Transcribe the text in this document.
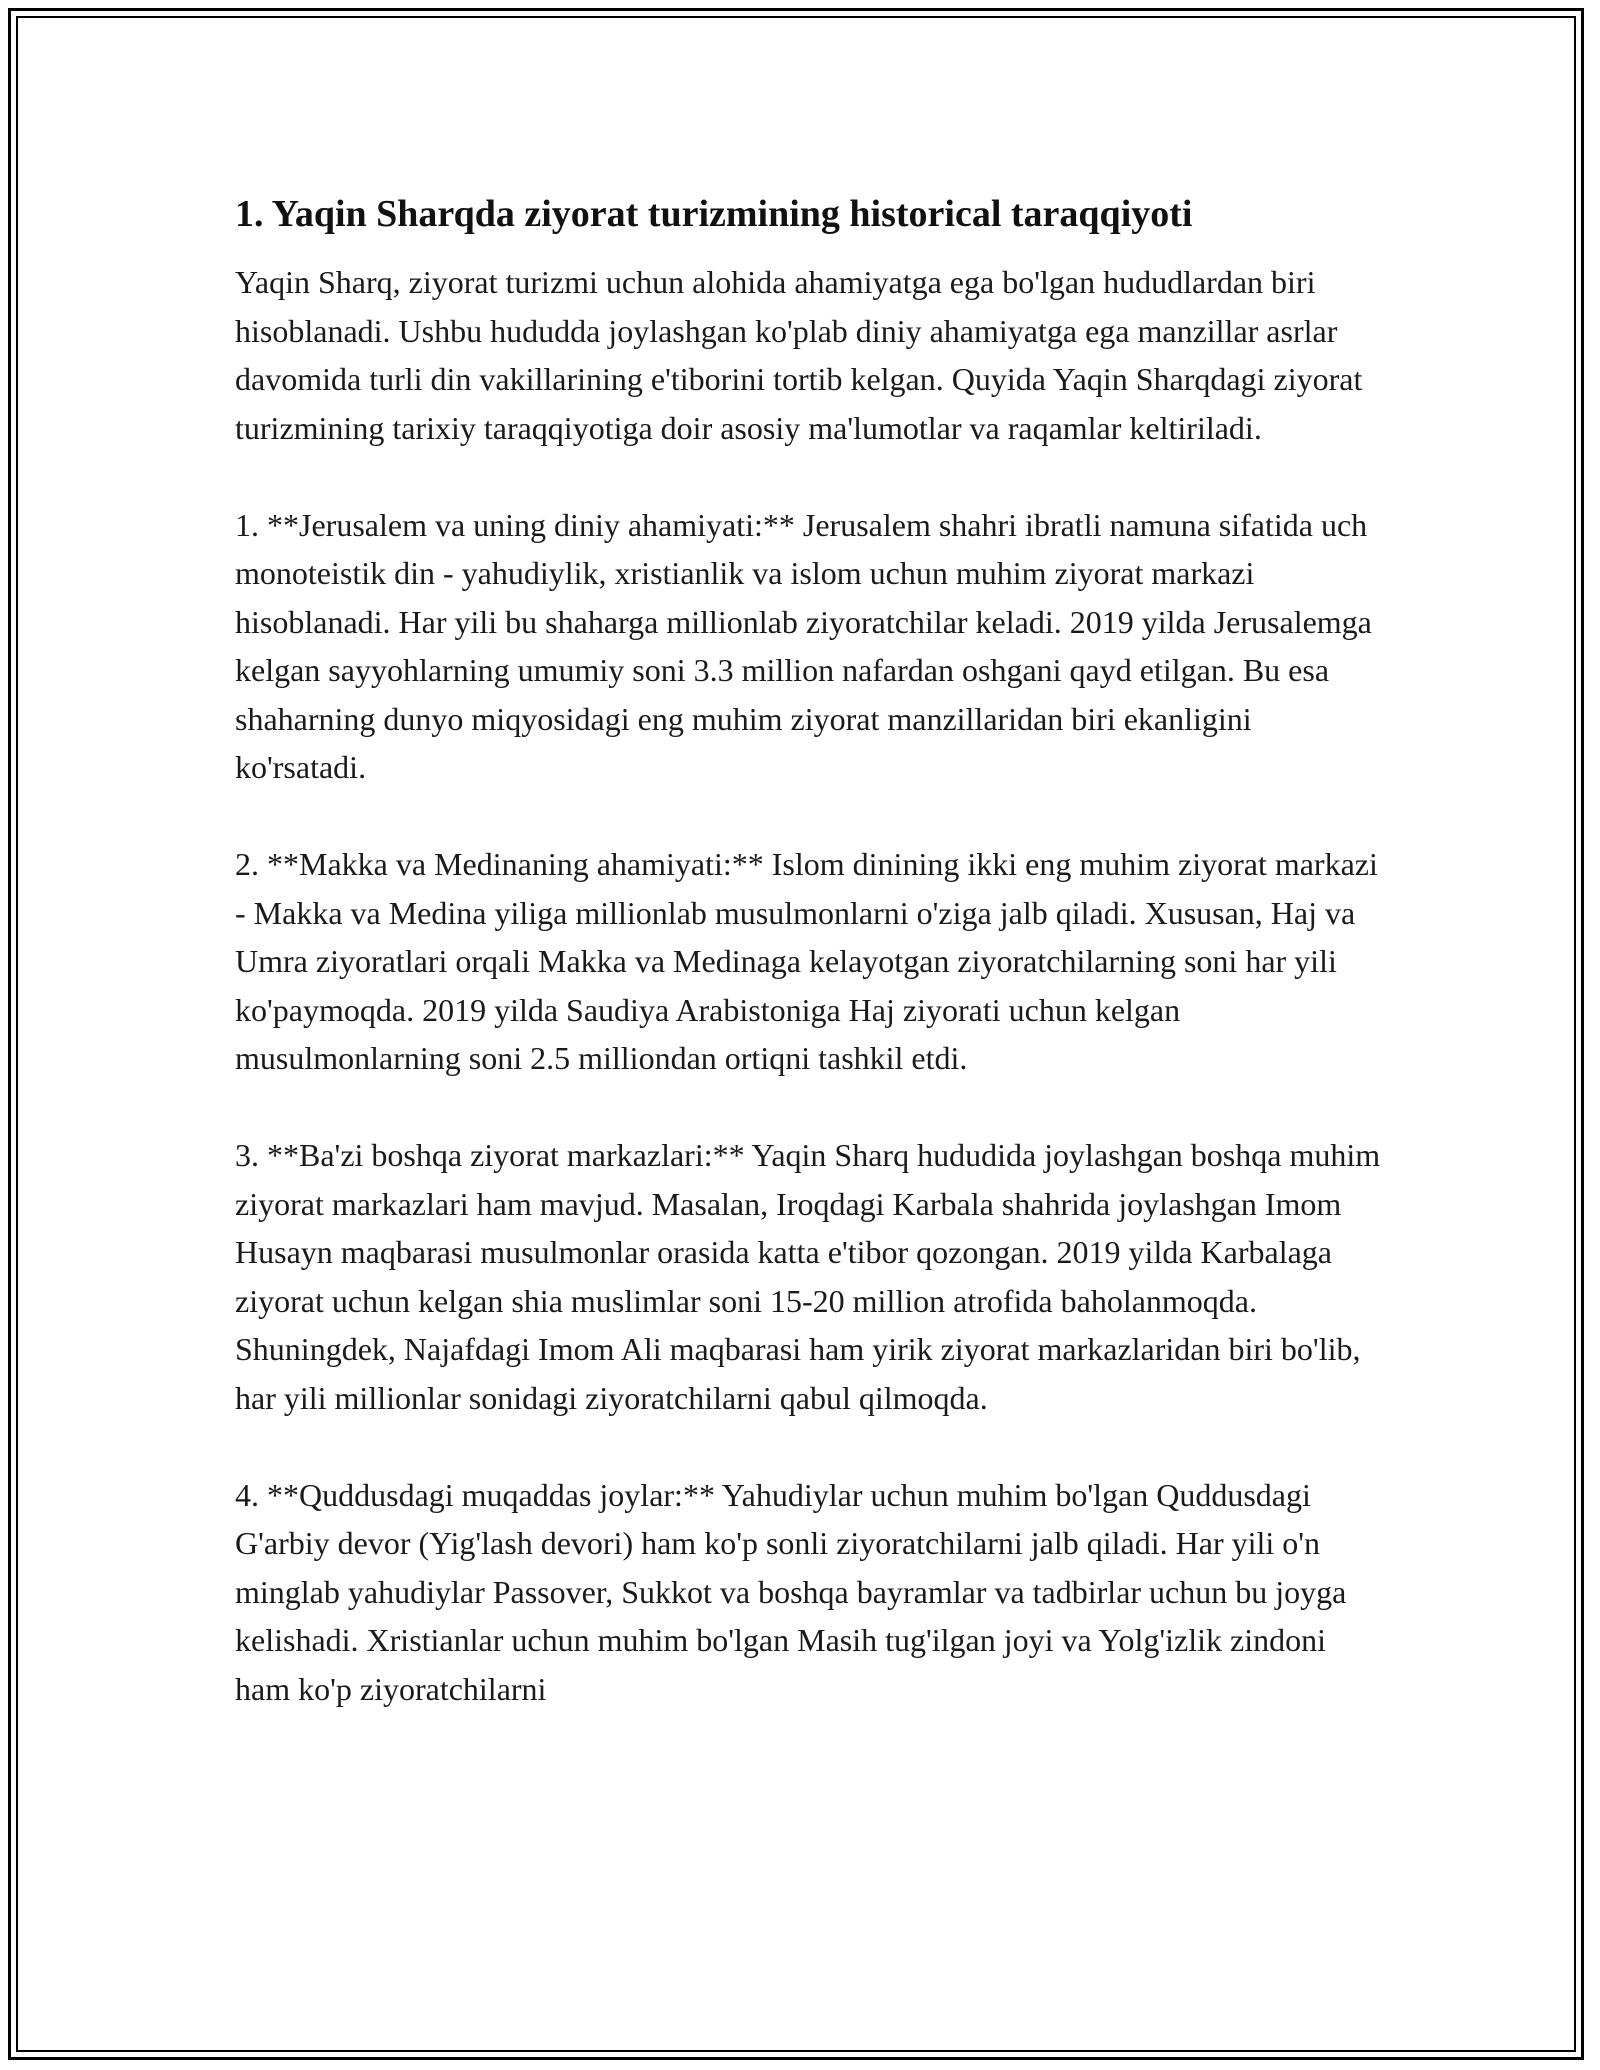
1. Yaqin Sharqda ziyorat turizmining historical taraqqiyoti

Yaqin Sharq, ziyorat turizmi uchun alohida ahamiyatga ega bo'lgan hududlardan biri hisoblanadi. Ushbu hududda joylashgan ko'plab diniy ahamiyatga ega manzillar asrlar davomida turli din vakillarining e'tiborini tortib kelgan. Quyida Yaqin Sharqdagi ziyorat turizmining tarixiy taraqqiyotiga doir asosiy ma'lumotlar va raqamlar keltiriladi.

1. **Jerusalem va uning diniy ahamiyati:** Jerusalem shahri ibratli namuna sifatida uch monoteistik din - yahudiylik, xristianlik va islom uchun muhim ziyorat markazi hisoblanadi. Har yili bu shaharga millionlab ziyoratchilar keladi. 2019 yilda Jerusalemga kelgan sayyohlarning umumiy soni 3.3 million nafardan oshgani qayd etilgan. Bu esa shaharning dunyo miqyosidagi eng muhim ziyorat manzillaridan biri ekanligini ko'rsatadi.

2. **Makka va Medinaning ahamiyati:** Islom dinining ikki eng muhim ziyorat markazi - Makka va Medina yiliga millionlab musulmonlarni o'ziga jalb qiladi. Xususan, Haj va Umra ziyoratlari orqali Makka va Medinaga kelayotgan ziyoratchilarning soni har yili ko'paymoqda. 2019 yilda Saudiya Arabistoniga Haj ziyorati uchun kelgan musulmonlarning soni 2.5 milliondan ortiqni tashkil etdi.

3. **Ba'zi boshqa ziyorat markazlari:** Yaqin Sharq hududida joylashgan boshqa muhim ziyorat markazlari ham mavjud. Masalan, Iroqdagi Karbala shahrida joylashgan Imom Husayn maqbarasi musulmonlar orasida katta e'tibor qozongan. 2019 yilda Karbalaga ziyorat uchun kelgan shia muslimlar soni 15-20 million atrofida baholanmoqda. Shuningdek, Najafdagi Imom Ali maqbarasi ham yirik ziyorat markazlaridan biri bo'lib, har yili millionlar sonidagi ziyoratchilarni qabul qilmoqda.

4. **Quddusdagi muqaddas joylar:** Yahudiylar uchun muhim bo'lgan Quddusdagi G'arbiy devor (Yig'lash devori) ham ko'p sonli ziyoratchilarni jalb qiladi. Har yili o'n minglab yahudiylar Passover, Sukkot va boshqa bayramlar va tadbirlar uchun bu joyga kelishadi. Xristianlar uchun muhim bo'lgan Masih tug'ilgan joyi va Yolg'izlik zindoni ham ko'p ziyoratchilarni
